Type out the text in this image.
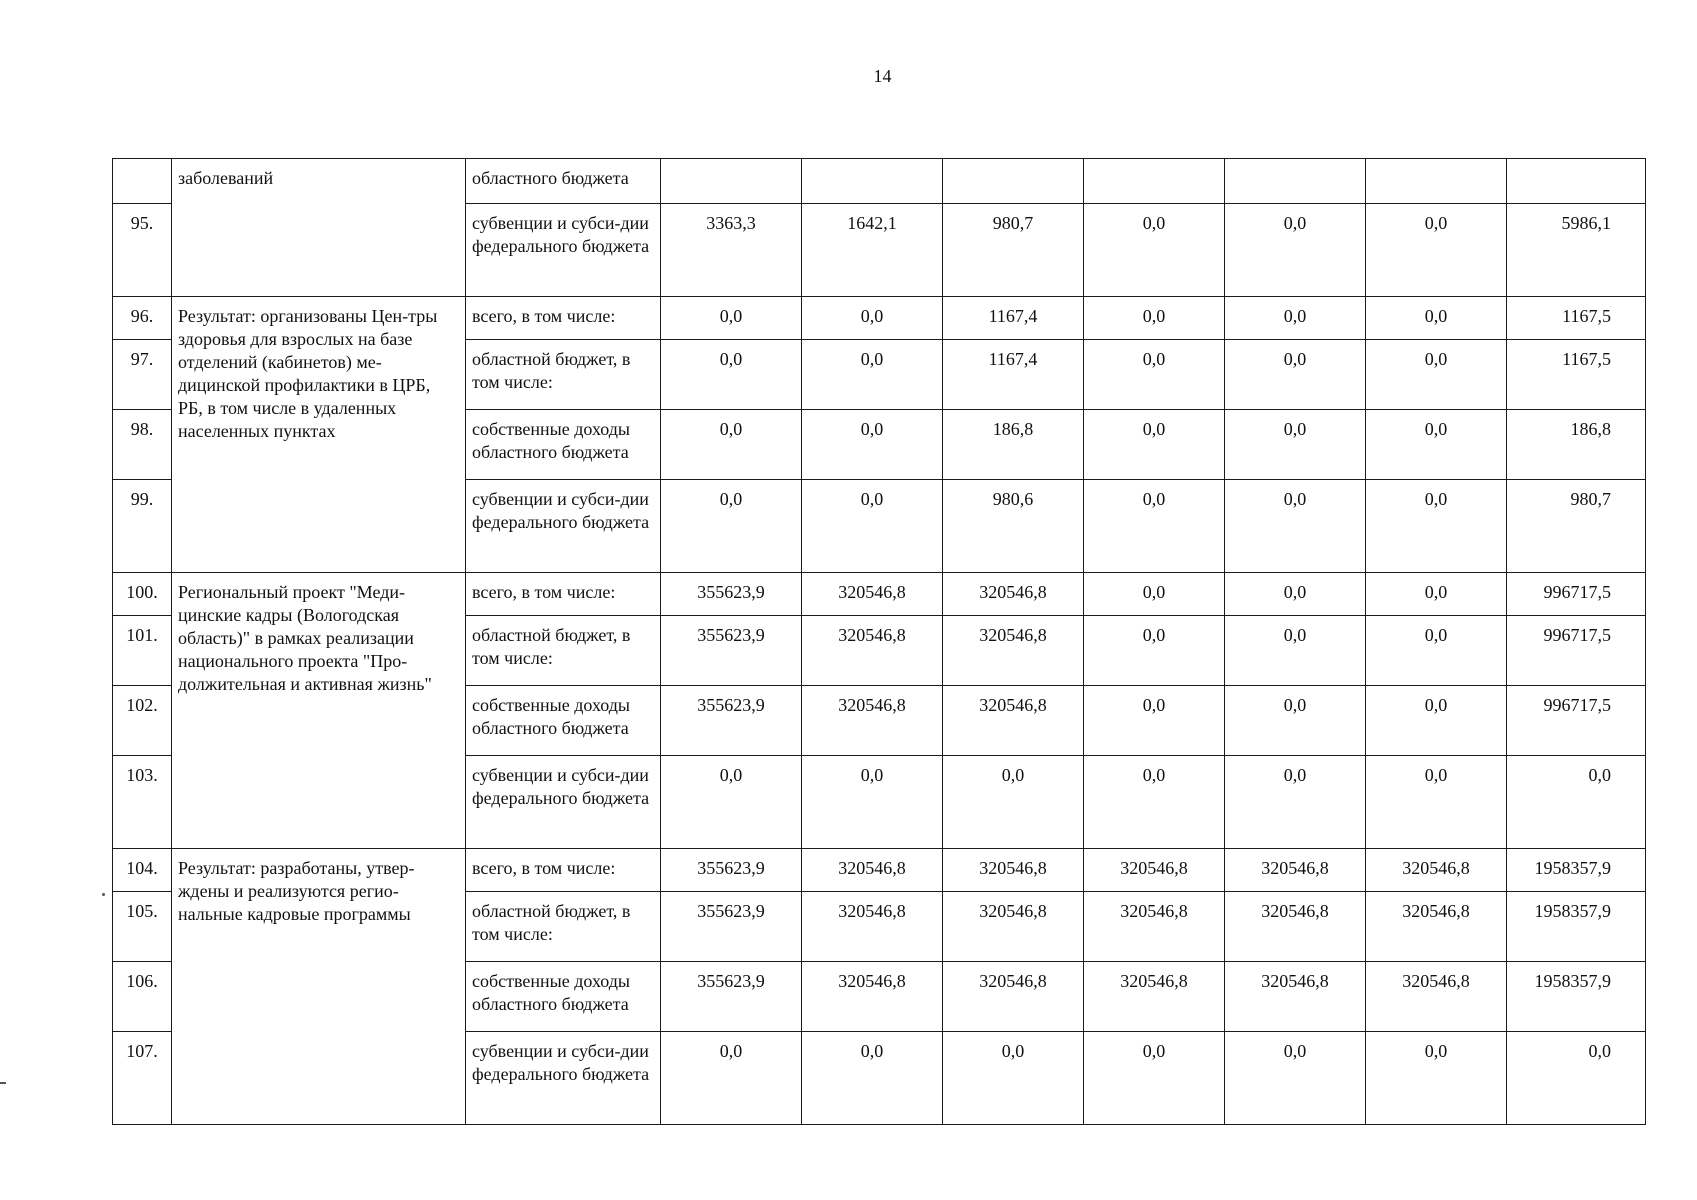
14
	заболеваний	областного бюджета							
95.		субвенции и субси-дии федерального бюджета	3363,3	1642,1	980,7	0,0	0,0	0,0	5986,1
96.	Результат: организованы Цен-тры здоровья для взрослых на базе отделений (кабинетов) ме-дицинской профилактики в ЦРБ, РБ, в том числе в удаленных населенных пунктах	всего, в том числе:	0,0	0,0	1167,4	0,0	0,0	0,0	1167,5
97.		областной бюджет, в том числе:	0,0	0,0	1167,4	0,0	0,0	0,0	1167,5
98.		собственные доходы областного бюджета	0,0	0,0	186,8	0,0	0,0	0,0	186,8
99.		субвенции и субси-дии федерального бюджета	0,0	0,0	980,6	0,0	0,0	0,0	980,7
100.	Региональный проект "Меди-цинские кадры (Вологодская область)" в рамках реализации национального проекта "Про-должительная и активная жизнь"	всего, в том числе:	355623,9	320546,8	320546,8	0,0	0,0	0,0	996717,5
101.		областной бюджет, в том числе:	355623,9	320546,8	320546,8	0,0	0,0	0,0	996717,5
102.		собственные доходы областного бюджета	355623,9	320546,8	320546,8	0,0	0,0	0,0	996717,5
103.		субвенции и субси-дии федерального бюджета	0,0	0,0	0,0	0,0	0,0	0,0	0,0
104.	Результат: разработаны, утвер-ждены и реализуются регио-нальные кадровые программы	всего, в том числе:	355623,9	320546,8	320546,8	320546,8	320546,8	320546,8	1958357,9
105.		областной бюджет, в том числе:	355623,9	320546,8	320546,8	320546,8	320546,8	320546,8	1958357,9
106.		собственные доходы областного бюджета	355623,9	320546,8	320546,8	320546,8	320546,8	320546,8	1958357,9
107.		субвенции и субси-дии федерального бюджета	0,0	0,0	0,0	0,0	0,0	0,0	0,0
